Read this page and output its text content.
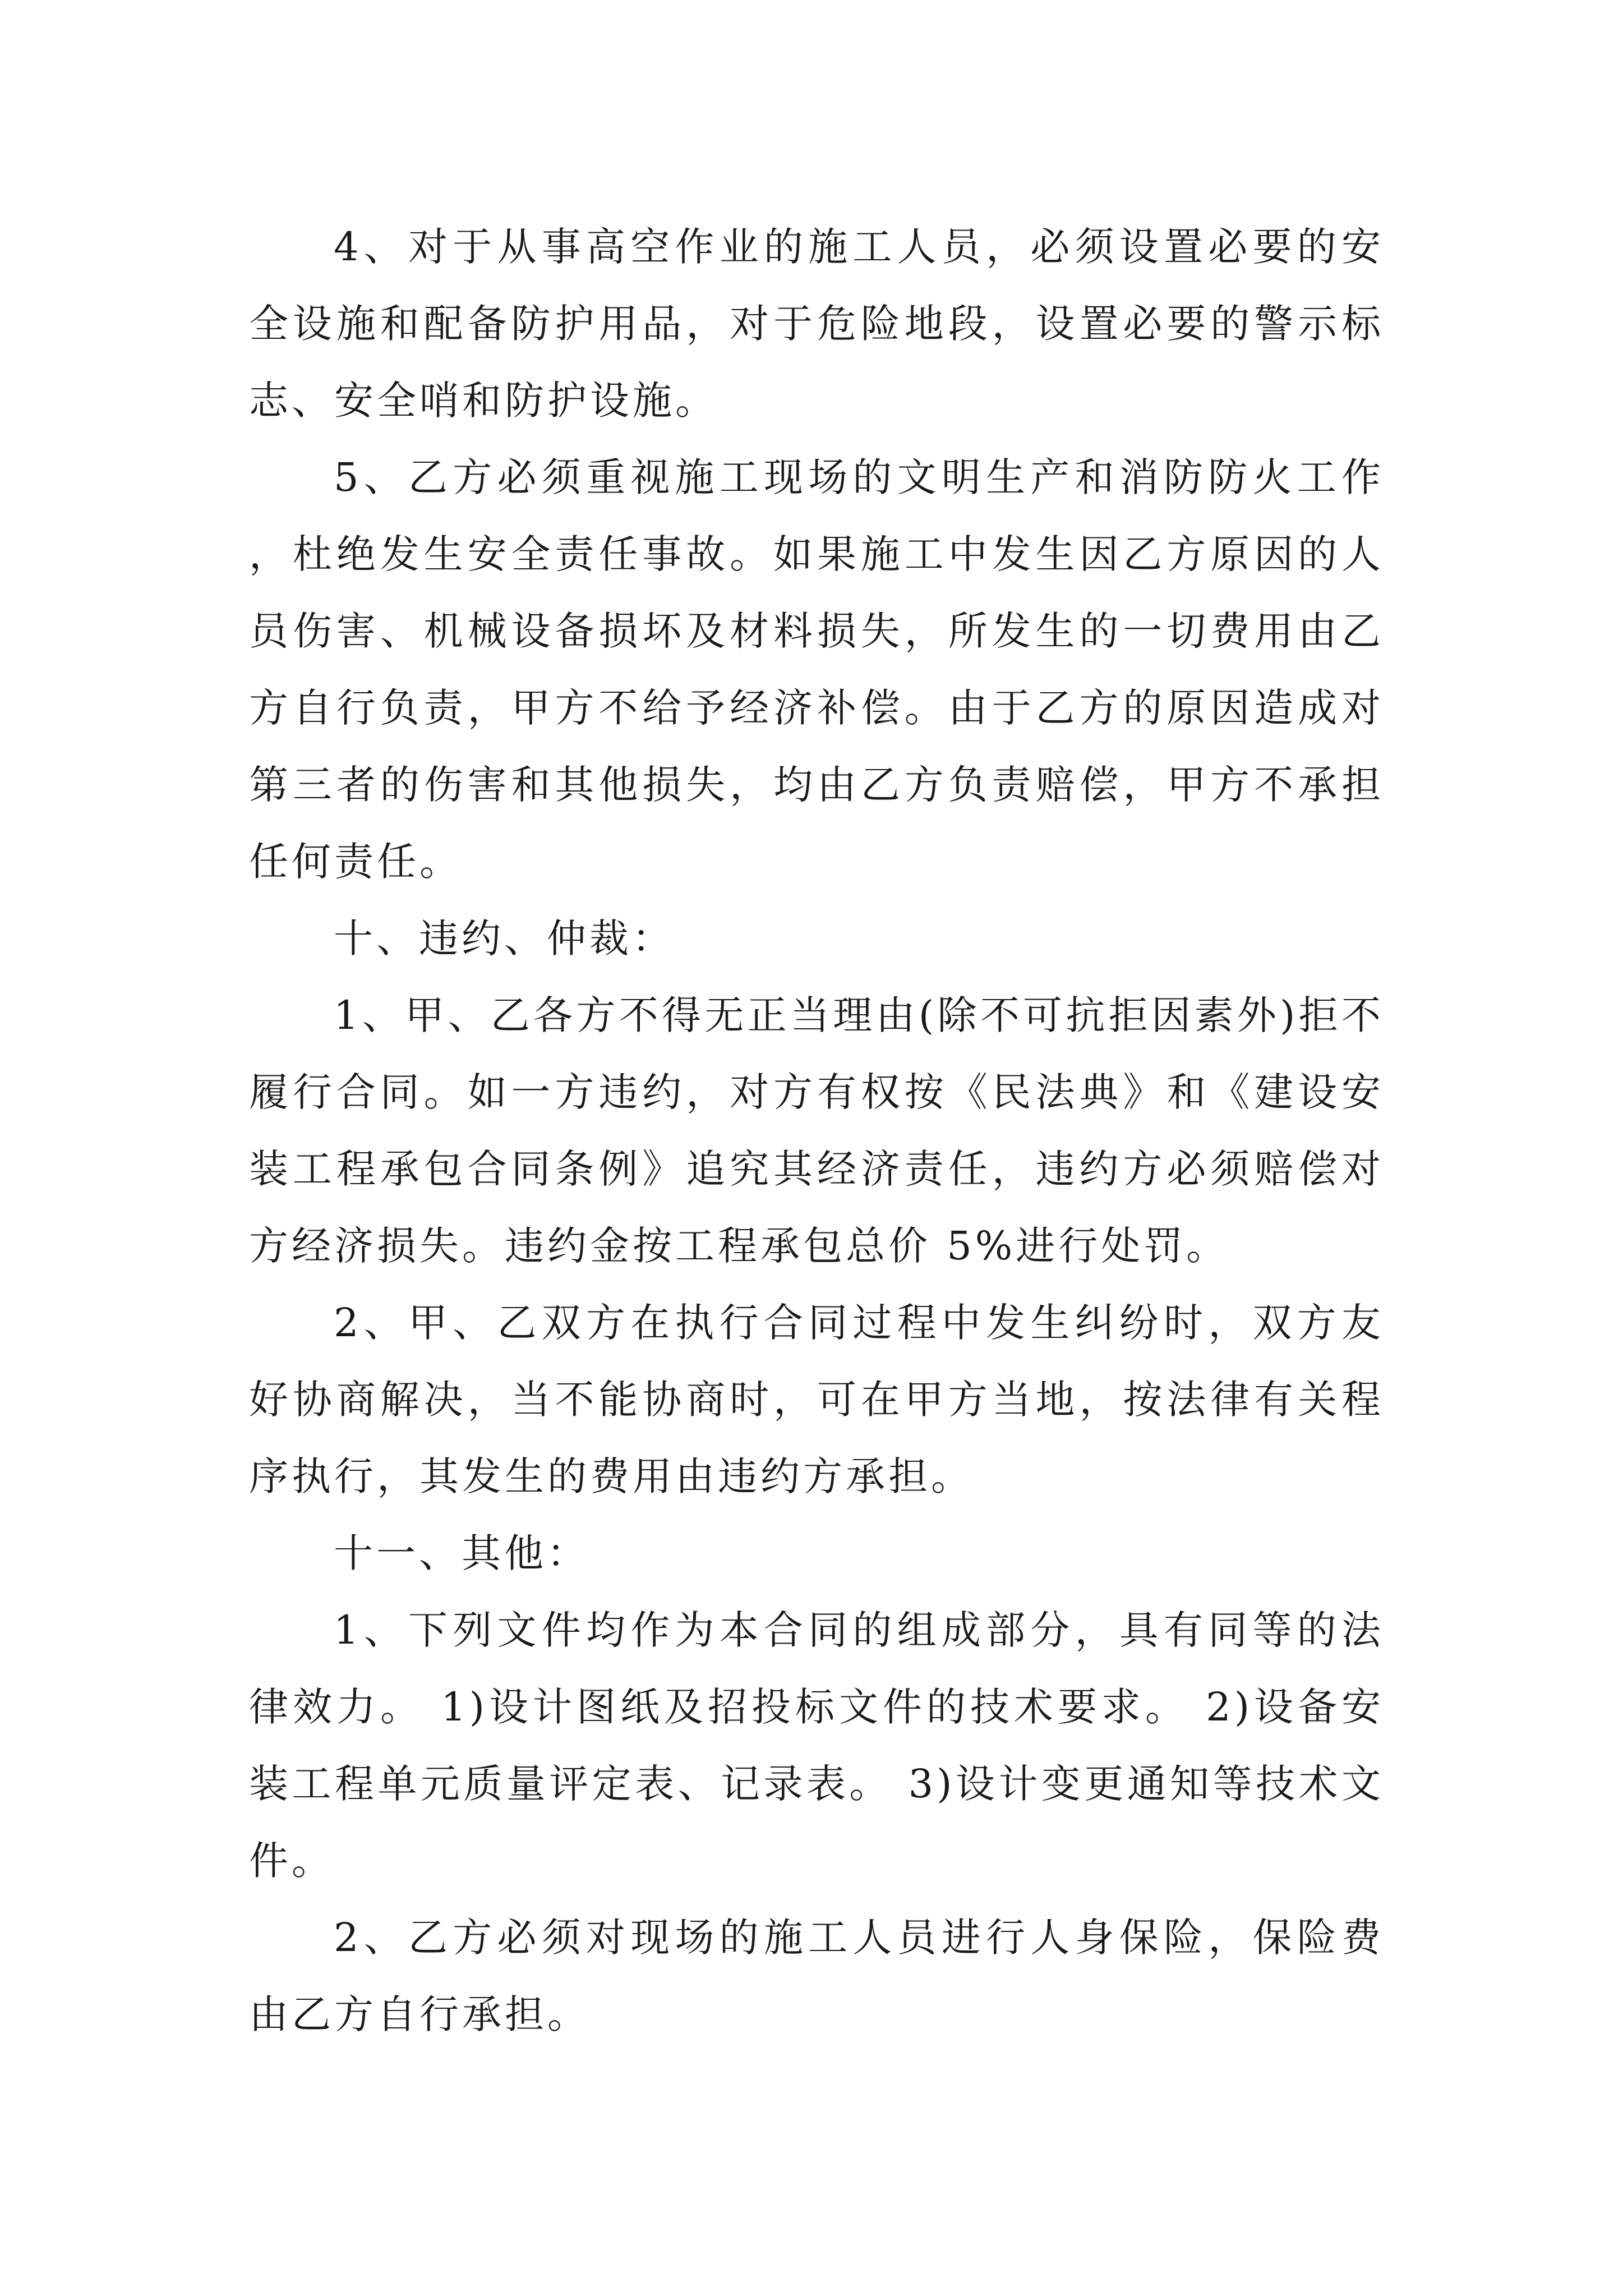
4、对于从事高空作业的施工人员，必须设置必要的安全设施和配备防护用品，对于危险地段，设置必要的警示标志、安全哨和防护设施。

5、乙方必须重视施工现场的文明生产和消防防火工作，杜绝发生安全责任事故。如果施工中发生因乙方原因的人员伤害、机械设备损坏及材料损失，所发生的一切费用由乙方自行负责，甲方不给予经济补偿。由于乙方的原因造成对第三者的伤害和其他损失，均由乙方负责赔偿，甲方不承担任何责任。

十、违约、仲裁：

1、甲、乙各方不得无正当理由(除不可抗拒因素外)拒不履行合同。如一方违约，对方有权按《民法典》和《建设安装工程承包合同条例》追究其经济责任，违约方必须赔偿对方经济损失。违约金按工程承包总价 5%进行处罚。

2、甲、乙双方在执行合同过程中发生纠纷时，双方友好协商解决，当不能协商时，可在甲方当地，按法律有关程序执行，其发生的费用由违约方承担。

十一、其他：

1、下列文件均作为本合同的组成部分，具有同等的法律效力。 1)设计图纸及招投标文件的技术要求。 2)设备安装工程单元质量评定表、记录表。 3)设计变更通知等技术文件。

2、乙方必须对现场的施工人员进行人身保险，保险费由乙方自行承担。
